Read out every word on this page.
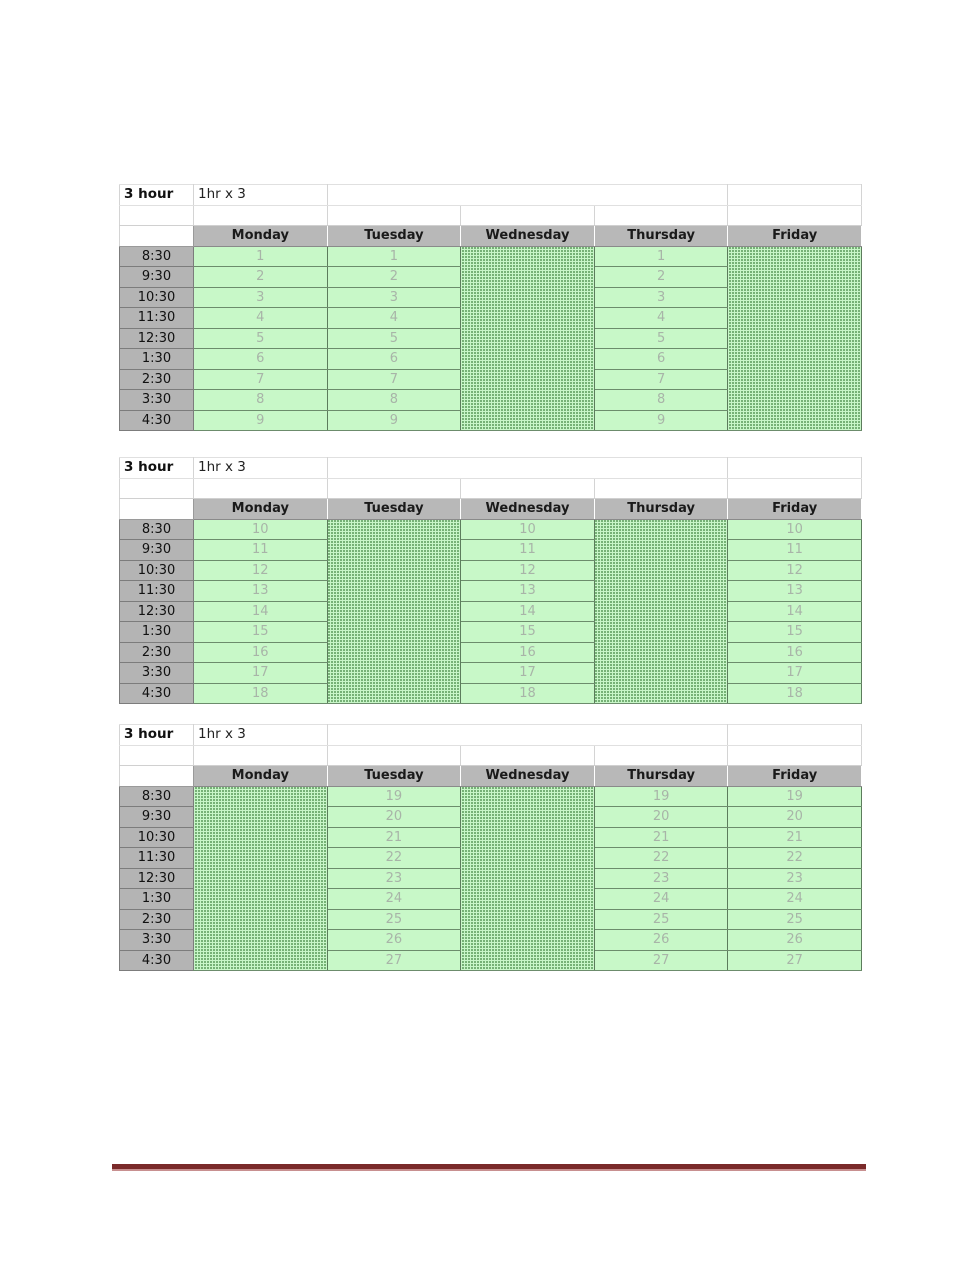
3 hour	1hr x 3				

	Monday	Tuesday	Wednesday	Thursday	Friday
8:30	1	1		1	
9:30	2	2		2	
10:30	3	3		3	
11:30	4	4		4	
12:30	5	5		5	
1:30	6	6		6	
2:30	7	7		7	
3:30	8	8		8	
4:30	9	9		9	
3 hour	1hr x 3				

	Monday	Tuesday	Wednesday	Thursday	Friday
8:30	10		10		10
9:30	11		11		11
10:30	12		12		12
11:30	13		13		13
12:30	14		14		14
1:30	15		15		15
2:30	16		16		16
3:30	17		17		17
4:30	18		18		18
3 hour	1hr x 3				

	Monday	Tuesday	Wednesday	Thursday	Friday
8:30		19		19	19
9:30		20		20	20
10:30		21		21	21
11:30		22		22	22
12:30		23		23	23
1:30		24		24	24
2:30		25		25	25
3:30		26		26	26
4:30		27		27	27
